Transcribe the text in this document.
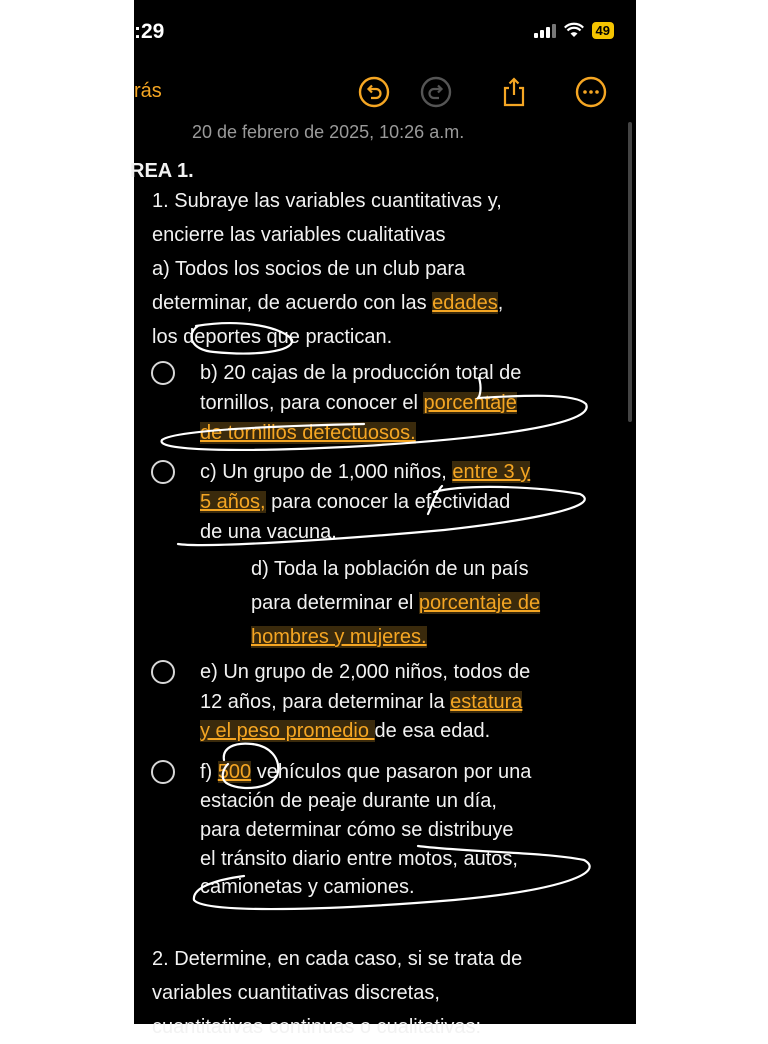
:29	49
rás
20 de febrero de 2025, 10:26 a.m.
REA 1.
1. Subraye las variables cuantitativas y,
encierre las variables cualitativas
a) Todos los socios de un club para
determinar, de acuerdo con las edades,
los deportes que practican.
b) 20 cajas de la producción total de
tornillos, para conocer el porcentaje
de tornillos defectuosos.
c) Un grupo de 1,000 niños, entre 3 y
5 años, para conocer la efectividad
de una vacuna.
d) Toda la población de un país
para determinar el porcentaje de
hombres y mujeres.
e) Un grupo de 2,000 niños, todos de
12 años, para determinar la estatura
y el peso promedio de esa edad.
f) 500 vehículos que pasaron por una
estación de peaje durante un día,
para determinar cómo se distribuye
el tránsito diario entre motos, autos,
camionetas y camiones.
2. Determine, en cada caso, si se trata de
variables cuantitativas discretas,
cuantitativas continuas o cualitativas:
